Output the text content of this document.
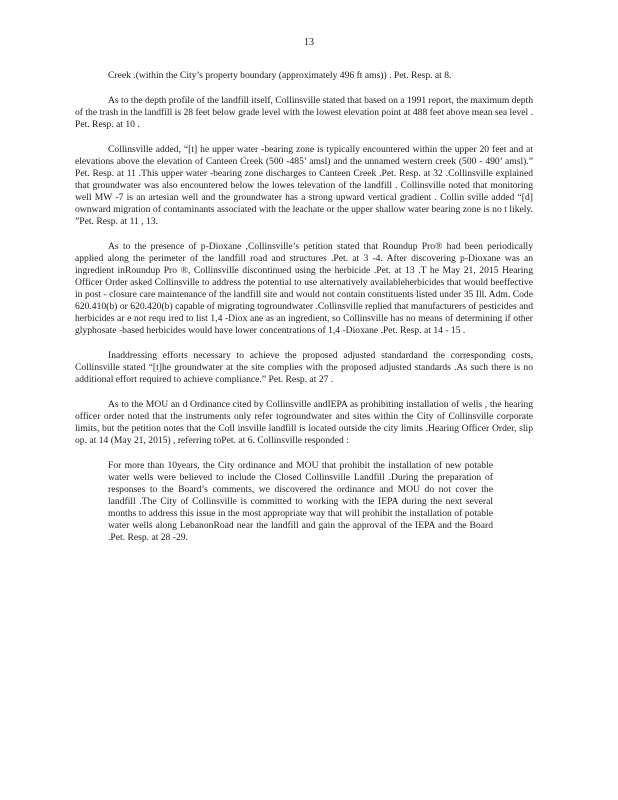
13

Creek .(within the City’s property boundary (approximately 496 ft ams)) . Pet. Resp. at 8.

As to the depth profile of the landfill itself, Collinsville stated that based on a 1991 report, the maximum depth of the trash in the landfill is 28 feet below grade level with the lowest elevation point at 488 feet above mean sea level . Pet. Resp. at 10 .

Collinsville added, “[t] he upper water -bearing zone is typically encountered within the upper 20 feet and at elevations above the elevation of Canteen Creek (500 -485’ amsl) and the unnamed western creek (500 - 490’ amsl).” Pet. Resp. at 11 .This upper water -bearing zone discharges to Canteen Creek .Pet. Resp. at 32 .Collinsville explained that groundwater was also encountered below the lowes televation of the landfill . Collinsville noted that monitoring well MW -7 is an artesian well and the groundwater has a strong upward vertical gradient . Collin sville added “[d] ownward migration of contaminants associated with the leachate or the upper shallow water bearing zone is no t likely. ”Pet. Resp. at 11 , 13.

As to the presence of p-Dioxane ,Collinsville’s petition stated that Roundup Pro® had been periodically applied along the perimeter of the landfill road and structures .Pet. at 3 -4. After discovering p-Dioxane was an ingredient inRoundup Pro ®, Collinsville discontinued using the herbicide .Pet. at 13 .T he May 21, 2015 Hearing Officer Order asked Collinsville to address the potential to use alternatively availableherbicides that would beeffective in post - closure care maintenance of the landfill site and would not contain constituents listed under 35 Ill. Adm. Code 620.410(b) or 620.420(b) capable of migrating togroundwater .Collinsville replied that manufacturers of pesticides and herbicides ar e not requ ired to list 1,4 -Diox ane as an ingredient, so Collinsville has no means of determining if other glyphosate -based herbicides would have lower concentrations of 1,4 -Dioxane .Pet. Resp. at 14 - 15 .

Inaddressing efforts necessary to achieve the proposed adjusted standardand the corresponding costs, Collinsville stated “[t]he groundwater at the site complies with the proposed adjusted standards .As such there is no additional effort required to achieve compliance.” Pet. Resp. at 27 .

As to the MOU an d Ordinance cited by Collinsville andIEPA as prohibiting installation of wells , the hearing officer order noted that the instruments only refer togroundwater and sites within the City of Collinsville corporate limits, but the petition notes that the Coll insville landfill is located outside the city limits .Hearing Officer Order, slip op. at 14 (May 21, 2015) , referring toPet. at 6. Collinsville responded :

For more than 10years, the City ordinance and MOU that prohibit the installation of new potable water wells were believed to include the Closed Collinsville Landfill .During the preparation of responses to the Board’s comments, we discovered the ordinance and MOU do not cover the landfill .The City of Collinsville is committed to working with the IEPA during the next several months to address this issue in the most appropriate way that will prohibit the installation of potable water wells along LebanonRoad near the landfill and gain the approval of the IEPA and the Board .Pet. Resp. at 28 -29.
